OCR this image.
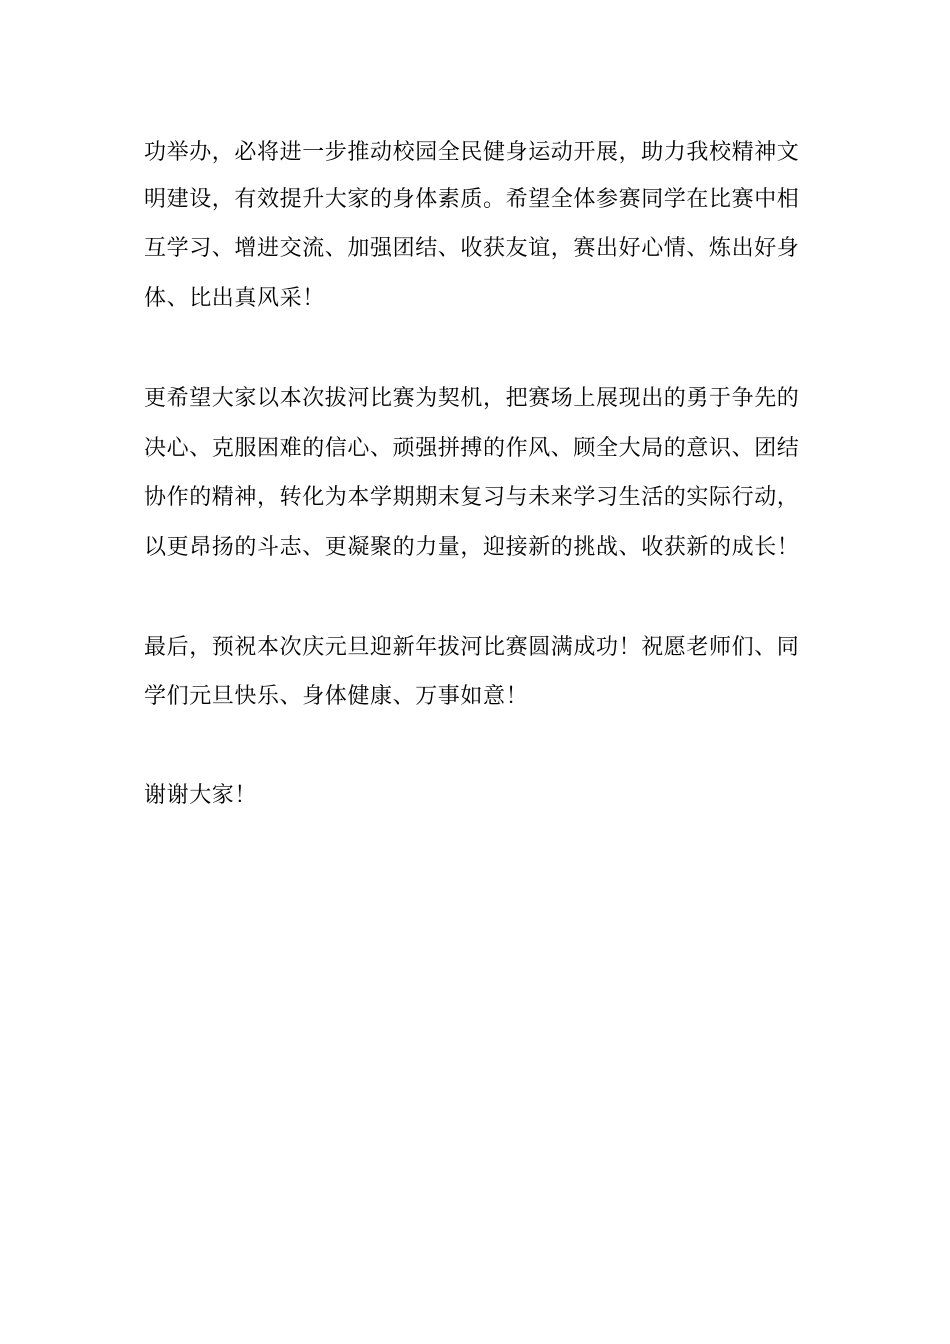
功举办，必将进一步推动校园全民健身运动开展，助力我校精神文
明建设，有效提升大家的身体素质。希望全体参赛同学在比赛中相
互学习、增进交流、加强团结、收获友谊，赛出好心情、炼出好身
体、比出真风采！
更希望大家以本次拔河比赛为契机，把赛场上展现出的勇于争先的
决心、克服困难的信心、顽强拼搏的作风、顾全大局的意识、团结
协作的精神，转化为本学期期末复习与未来学习生活的实际行动，
以更昂扬的斗志、更凝聚的力量，迎接新的挑战、收获新的成长！
最后，预祝本次庆元旦迎新年拔河比赛圆满成功！祝愿老师们、同
学们元旦快乐、身体健康、万事如意！
谢谢大家！
